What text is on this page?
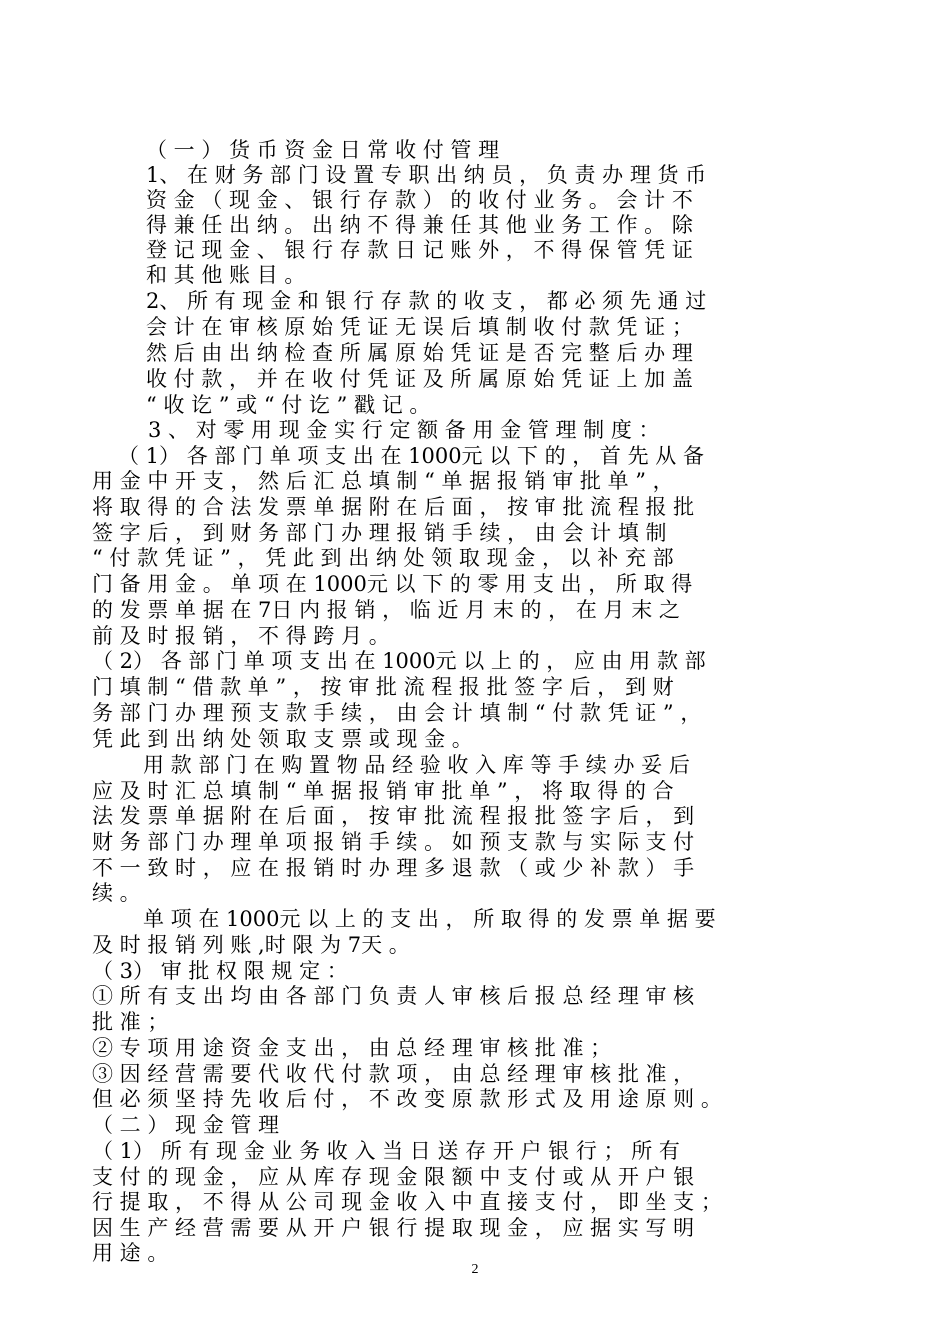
（ 一 ） 货 币 资 金 日 常 收 付 管 理
1、 在 财 务 部 门 设 置 专 职 出 纳 员 ， 负 责 办 理 货 币
资 金 （ 现 金 、 银 行 存 款 ） 的 收 付 业 务 。 会 计 不
得 兼 任 出 纳 。 出 纳 不 得 兼 任 其 他 业 务 工 作 。 除
登 记 现 金 、 银 行 存 款 日 记 账 外 ， 不 得 保 管 凭 证
和 其 他 账 目 。
2、 所 有 现 金 和 银 行 存 款 的 收 支 ， 都 必 须 先 通 过
会 计 在 审 核 原 始 凭 证 无 误 后 填 制 收 付 款 凭 证 ；
然 后 由 出 纳 检 查 所 属 原 始 凭 证 是 否 完 整 后 办 理
收 付 款 ， 并 在 收 付 凭 证 及 所 属 原 始 凭 证 上 加 盖
“ 收 讫 ” 或 “ 付 讫 ” 戳 记 。
3 、 对 零 用 现 金 实 行 定 额 备 用 金 管 理 制 度 ：
（ 1） 各 部 门 单 项 支 出 在 1000元 以 下 的 ， 首 先 从 备
用 金 中 开 支 ， 然 后 汇 总 填 制 “ 单 据 报 销 审 批 单 ” ，
将 取 得 的 合 法 发 票 单 据 附 在 后 面 ， 按 审 批 流 程 报 批
签 字 后 ， 到 财 务 部 门 办 理 报 销 手 续 ， 由 会 计 填 制
“ 付 款 凭 证 ” ， 凭 此 到 出 纳 处 领 取 现 金 ， 以 补 充 部
门 备 用 金 。 单 项 在 1000元 以 下 的 零 用 支 出 ， 所 取 得
的 发 票 单 据 在 7日 内 报 销 ， 临 近 月 末 的 ， 在 月 末 之
前 及 时 报 销 ， 不 得 跨 月 。
（ 2） 各 部 门 单 项 支 出 在 1000元 以 上 的 ， 应 由 用 款 部
门 填 制 “ 借 款 单 ” ， 按 审 批 流 程 报 批 签 字 后 ， 到 财
务 部 门 办 理 预 支 款 手 续 ， 由 会 计 填 制 “ 付 款 凭 证 ” ，
凭 此 到 出 纳 处 领 取 支 票 或 现 金 。
用 款 部 门 在 购 置 物 品 经 验 收 入 库 等 手 续 办 妥 后
应 及 时 汇 总 填 制 “ 单 据 报 销 审 批 单 ” ， 将 取 得 的 合
法 发 票 单 据 附 在 后 面 ， 按 审 批 流 程 报 批 签 字 后 ， 到
财 务 部 门 办 理 单 项 报 销 手 续 。 如 预 支 款 与 实 际 支 付
不 一 致 时 ， 应 在 报 销 时 办 理 多 退 款 （ 或 少 补 款 ） 手
续 。
单 项 在 1000元 以 上 的 支 出 ， 所 取 得 的 发 票 单 据 要
及 时 报 销 列 账 ,时 限 为 7天 。
（ 3） 审 批 权 限 规 定 ：
① 所 有 支 出 均 由 各 部 门 负 责 人 审 核 后 报 总 经 理 审 核
批 准 ；
② 专 项 用 途 资 金 支 出 ， 由 总 经 理 审 核 批 准 ；
③ 因 经 营 需 要 代 收 代 付 款 项 ， 由 总 经 理 审 核 批 准 ，
但 必 须 坚 持 先 收 后 付 ， 不 改 变 原 款 形 式 及 用 途 原 则 。
（ 二 ） 现 金 管 理
（ 1） 所 有 现 金 业 务 收 入 当 日 送 存 开 户 银 行 ； 所 有
支 付 的 现 金 ， 应 从 库 存 现 金 限 额 中 支 付 或 从 开 户 银
行 提 取 ， 不 得 从 公 司 现 金 收 入 中 直 接 支 付 ， 即 坐 支 ；
因 生 产 经 营 需 要 从 开 户 银 行 提 取 现 金 ， 应 据 实 写 明
用 途 。
2
